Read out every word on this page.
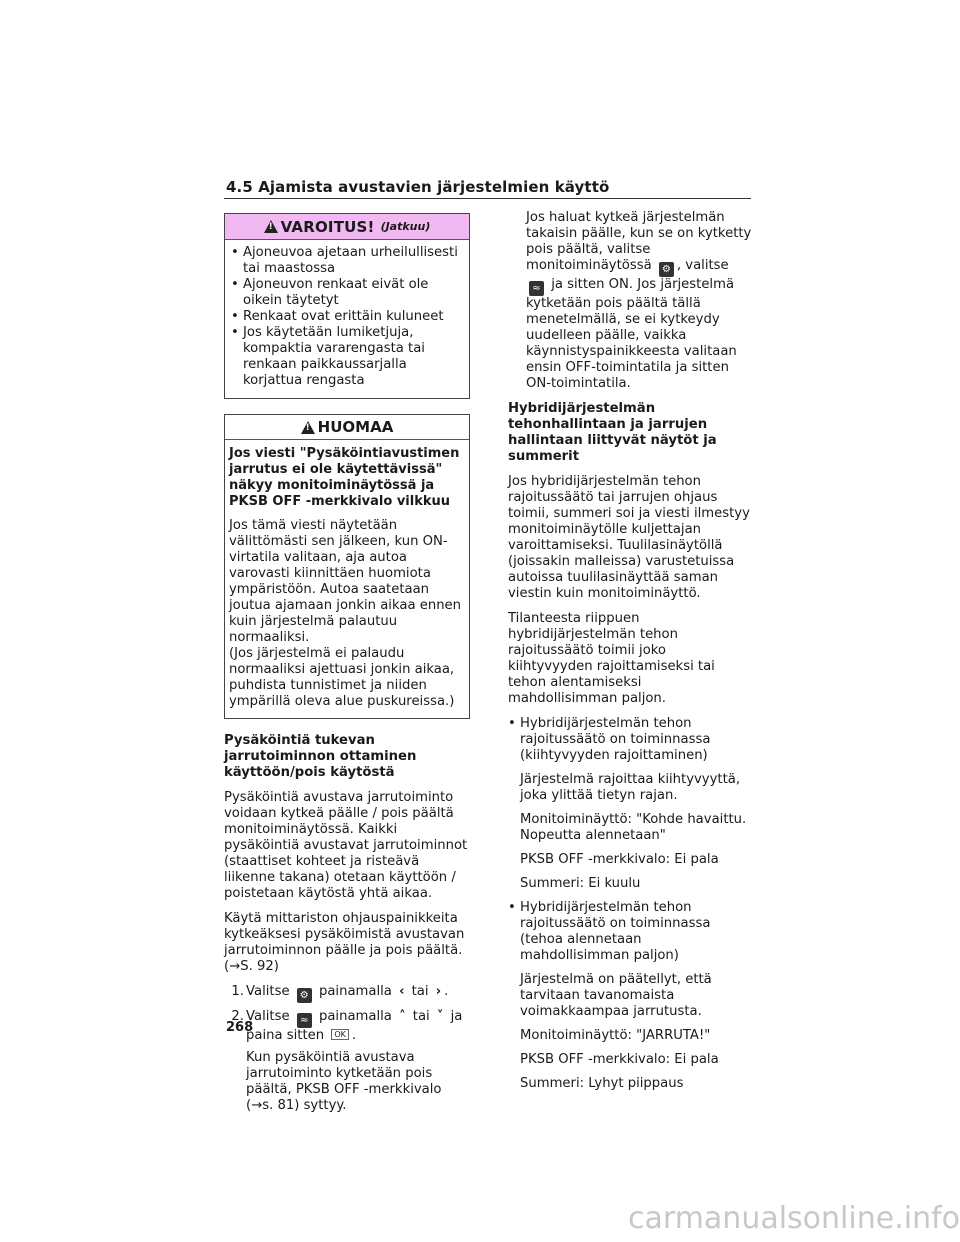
4.5 Ajamista avustavien järjestelmien käyttö
!
VAROITUS! (Jatkuu)
• Ajoneuvoa ajetaan urheilullisesti tai maastossa
• Ajoneuvon renkaat eivät ole oikein täytetyt
• Renkaat ovat erittäin kuluneet
• Jos käytetään lumiketjuja, kompaktia vararengasta tai renkaan paikkaussarjalla korjattua rengasta
!
HUOMAA
Jos viesti "Pysäköintiavustimen jarrutus ei ole käytettävissä" näkyy monitoiminäytössä ja PKSB OFF -merkkivalo vilkkuu

Jos tämä viesti näytetään välittömästi sen jälkeen, kun ON-virtatila valitaan, aja autoa varovasti kiinnittäen huomiota ympäristöön. Autoa saatetaan joutua ajamaan jonkin aikaa ennen kuin järjestelmä palautuu normaaliksi.

(Jos järjestelmä ei palaudu normaaliksi ajettuasi jonkin aikaa, puhdista tunnistimet ja niiden ympärillä oleva alue puskureissa.)

Pysäköintiä tukevan jarrutoiminnon ottaminen käyttöön/pois käytöstä

Pysäköintiä avustava jarrutoiminto voidaan kytkeä päälle / pois päältä monitoiminäytössä. Kaikki pysäköintiä avustavat jarrutoiminnot (staattiset kohteet ja risteävä liikenne takana) otetaan käyttöön / poistetaan käytöstä yhtä aikaa.

Käytä mittariston ohjauspainikkeita kytkeäksesi pysäköimistä avustavan jarrutoiminnon päälle ja pois päältä. (→S. 92)

1. Valitse ⚙ painamalla ‹ tai › .
2. Valitse ≈ painamalla ˄ tai ˅ ja paina sitten OK .
Kun pysäköintiä avustava jarrutoiminto kytketään pois päältä, PKSB OFF -merkkivalo (→s. 81) syttyy.

Jos haluat kytkeä järjestelmän takaisin päälle, kun se on kytketty pois päältä, valitse monitoiminäytössä ⚙ , valitse ≈ ja sitten ON. Jos järjestelmä kytketään pois päältä tällä menetelmällä, se ei kytkeydy uudelleen päälle, vaikka käynnistyspainikkeesta valitaan ensin OFF-toimintatila ja sitten ON-toimintatila.

Hybridijärjestelmän tehonhallintaan ja jarrujen hallintaan liittyvät näytöt ja summerit

Jos hybridijärjestelmän tehon rajoitussäätö tai jarrujen ohjaus toimii, summeri soi ja viesti ilmestyy monitoiminäytölle kuljettajan varoittamiseksi. Tuulilasinäytöllä (joissakin malleissa) varustetuissa autoissa tuulilasinäyttää saman viestin kuin monitoiminäyttö.

Tilanteesta riippuen hybridijärjestelmän tehon rajoitussäätö toimii joko kiihtyvyyden rajoittamiseksi tai tehon alentamiseksi mahdollisimman paljon.

• Hybridijärjestelmän tehon rajoitussäätö on toiminnassa (kiihtyvyyden rajoittaminen)
Järjestelmä rajoittaa kiihtyvyyttä, joka ylittää tietyn rajan.
Monitoiminäyttö: "Kohde havaittu. Nopeutta alennetaan"
PKSB OFF -merkkivalo: Ei pala
Summeri: Ei kuulu
• Hybridijärjestelmän tehon rajoitussäätö on toiminnassa (tehoa alennetaan mahdollisimman paljon)
Järjestelmä on päätellyt, että tarvitaan tavanomaista voimakkaampaa jarrutusta.
Monitoiminäyttö: "JARRUTA!"
PKSB OFF -merkkivalo: Ei pala
Summeri: Lyhyt piippaus
268
carmanualsonline.info
